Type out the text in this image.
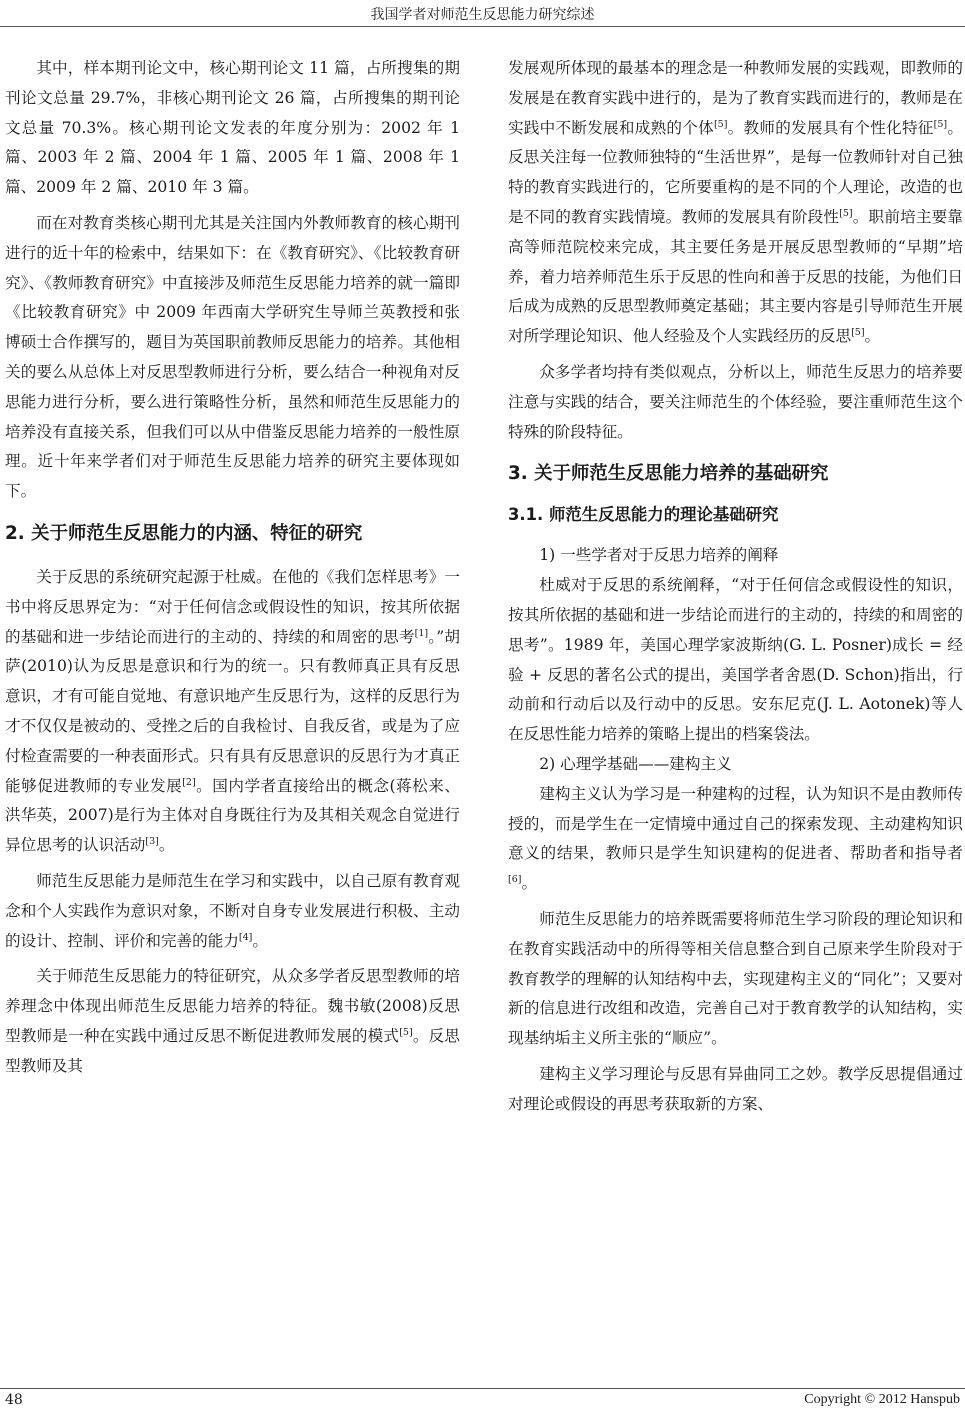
我国学者对师范生反思能力研究综述

其中，样本期刊论文中，核心期刊论文 11 篇，占所搜集的期刊论文总量 29.7%，非核心期刊论文 26 篇，占所搜集的期刊论文总量 70.3%。核心期刊论文发表的年度分别为：2002 年 1 篇、2003 年 2 篇、2004 年 1 篇、2005 年 1 篇、2008 年 1 篇、2009 年 2 篇、2010 年 3 篇。

而在对教育类核心期刊尤其是关注国内外教师教育的核心期刊进行的近十年的检索中，结果如下：在《教育研究》、《比较教育研究》、《教师教育研究》中直接涉及师范生反思能力培养的就一篇即《比较教育研究》中 2009 年西南大学研究生导师兰英教授和张博硕士合作撰写的，题目为英国职前教师反思能力的培养。其他相关的要么从总体上对反思型教师进行分析，要么结合一种视角对反思能力进行分析，要么进行策略性分析，虽然和师范生反思能力的培养没有直接关系，但我们可以从中借鉴反思能力培养的一般性原理。近十年来学者们对于师范生反思能力培养的研究主要体现如下。

2. 关于师范生反思能力的内涵、特征的研究

关于反思的系统研究起源于杜威。在他的《我们怎样思考》一书中将反思界定为：“对于任何信念或假设性的知识，按其所依据的基础和进一步结论而进行的主动的、持续的和周密的思考[1]。”胡萨(2010)认为反思是意识和行为的统一。只有教师真正具有反思意识，才有可能自觉地、有意识地产生反思行为，这样的反思行为才不仅仅是被动的、受挫之后的自我检讨、自我反省，或是为了应付检查需要的一种表面形式。只有具有反思意识的反思行为才真正能够促进教师的专业发展[2]。国内学者直接给出的概念(蒋松来、洪华英，2007)是行为主体对自身既往行为及其相关观念自觉进行异位思考的认识活动[3]。

师范生反思能力是师范生在学习和实践中，以自己原有教育观念和个人实践作为意识对象，不断对自身专业发展进行积极、主动的设计、控制、评价和完善的能力[4]。

关于师范生反思能力的特征研究，从众多学者反思型教师的培养理念中体现出师范生反思能力培养的特征。魏书敏(2008)反思型教师是一种在实践中通过反思不断促进教师发展的模式[5]。反思型教师及其

发展观所体现的最基本的理念是一种教师发展的实践观，即教师的发展是在教育实践中进行的，是为了教育实践而进行的，教师是在实践中不断发展和成熟的个体[5]。教师的发展具有个性化特征[5]。反思关注每一位教师独特的“生活世界”，是每一位教师针对自己独特的教育实践进行的，它所要重构的是不同的个人理论，改造的也是不同的教育实践情境。教师的发展具有阶段性[5]。职前培主要靠高等师范院校来完成，其主要任务是开展反思型教师的“早期”培养，着力培养师范生乐于反思的性向和善于反思的技能，为他们日后成为成熟的反思型教师奠定基础；其主要内容是引导师范生开展对所学理论知识、他人经验及个人实践经历的反思[5]。

众多学者均持有类似观点，分析以上，师范生反思力的培养要注意与实践的结合，要关注师范生的个体经验，要注重师范生这个特殊的阶段特征。

3. 关于师范生反思能力培养的基础研究
3.1. 师范生反思能力的理论基础研究

1) 一些学者对于反思力培养的阐释

杜威对于反思的系统阐释，“对于任何信念或假设性的知识，按其所依据的基础和进一步结论而进行的主动的，持续的和周密的思考”。1989 年，美国心理学家波斯纳(G. L. Posner)成长 = 经验 + 反思的著名公式的提出，美国学者舍恩(D. Schon)指出，行动前和行动后以及行动中的反思。安东尼克(J. L. Aotonek)等人在反思性能力培养的策略上提出的档案袋法。

2) 心理学基础——建构主义

建构主义认为学习是一种建构的过程，认为知识不是由教师传授的，而是学生在一定情境中通过自己的探索发现、主动建构知识意义的结果，教师只是学生知识建构的促进者、帮助者和指导者[6]。

师范生反思能力的培养既需要将师范生学习阶段的理论知识和在教育实践活动中的所得等相关信息整合到自己原来学生阶段对于教育教学的理解的认知结构中去，实现建构主义的“同化”；又要对新的信息进行改组和改造，完善自己对于教育教学的认知结构，实现基纳垢主义所主张的“顺应”。

建构主义学习理论与反思有异曲同工之妙。教学反思提倡通过对理论或假设的再思考获取新的方案、

48	Copyright © 2012 Hanspub
